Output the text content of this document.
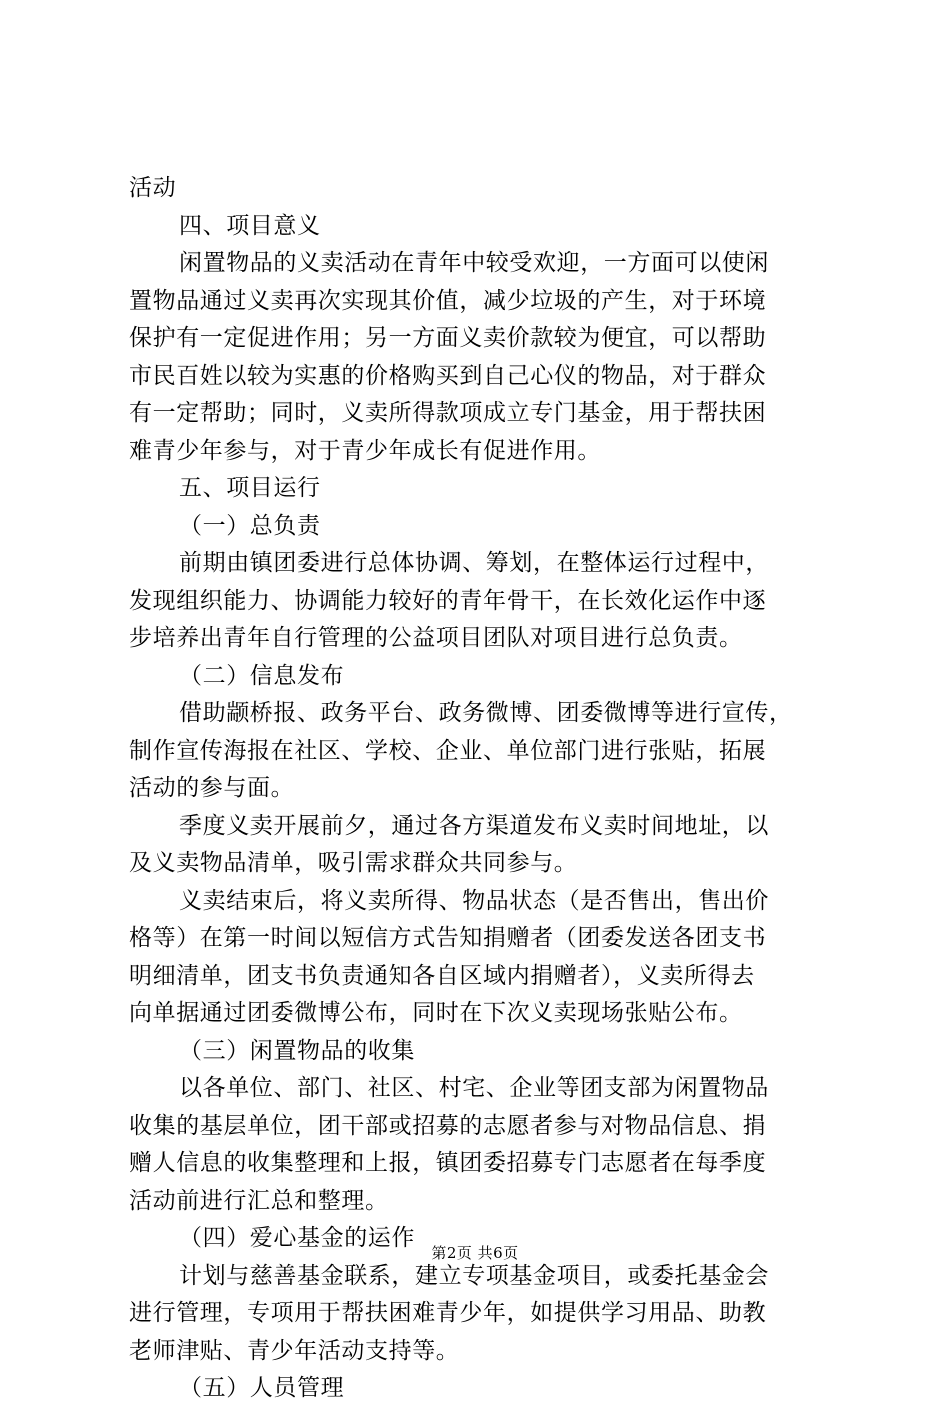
活动
四、项目意义
闲置物品的义卖活动在青年中较受欢迎，一方面可以使闲
置物品通过义卖再次实现其价值，减少垃圾的产生，对于环境
保护有一定促进作用；另一方面义卖价款较为便宜，可以帮助
市民百姓以较为实惠的价格购买到自己心仪的物品，对于群众
有一定帮助；同时，义卖所得款项成立专门基金，用于帮扶困
难青少年参与，对于青少年成长有促进作用。
五、项目运行
（一）总负责
前期由镇团委进行总体协调、筹划，在整体运行过程中，
发现组织能力、协调能力较好的青年骨干，在长效化运作中逐
步培养出青年自行管理的公益项目团队对项目进行总负责。
（二）信息发布
借助颛桥报、政务平台、政务微博、团委微博等进行宣传，
制作宣传海报在社区、学校、企业、单位部门进行张贴，拓展
活动的参与面。
季度义卖开展前夕，通过各方渠道发布义卖时间地址，以
及义卖物品清单，吸引需求群众共同参与。
义卖结束后，将义卖所得、物品状态（是否售出，售出价
格等）在第一时间以短信方式告知捐赠者（团委发送各团支书
明细清单，团支书负责通知各自区域内捐赠者），义卖所得去
向单据通过团委微博公布，同时在下次义卖现场张贴公布。
（三）闲置物品的收集
以各单位、部门、社区、村宅、企业等团支部为闲置物品
收集的基层单位，团干部或招募的志愿者参与对物品信息、捐
赠人信息的收集整理和上报，镇团委招募专门志愿者在每季度
活动前进行汇总和整理。
（四）爱心基金的运作
计划与慈善基金联系，建立专项基金项目，或委托基金会
进行管理，专项用于帮扶困难青少年，如提供学习用品、助教
老师津贴、青少年活动支持等。
（五）人员管理
第2页 共6页
